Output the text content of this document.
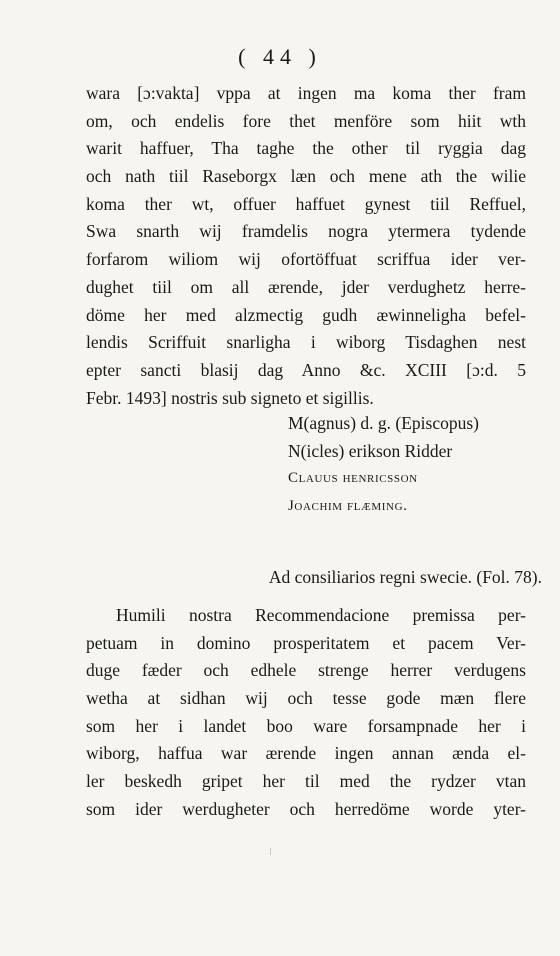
( 44 )
wara [ɔ:vakta] vppa at ingen ma koma ther fram
om, och endelis fore thet menföre som hiit wth
warit haffuer, Tha taghe the other til ryggia dag
och nath tiil Raseborgx læn och mene ath the wilie
koma ther wt, offuer haffuet gynest tiil Reffuel,
Swa snarth wij framdelis nogra ytermera tydende
forfarom wiliom wij ofortöffuat scriffua ider ver-
dughet tiil om all ærende, jder verdughetz herre-
döme her med alzmectig gudh æwinneligha befel-
lendis Scriffuit snarligha i wiborg Tisdaghen nest
epter sancti blasij dag Anno &c. XCIII [ɔ:d. 5
Febr. 1493] nostris sub signeto et sigillis.
M(agnus) d. g. (Episcopus)
N(icles) erikson Ridder
Clauus henricsson
Joachim flæming.
Ad consiliarios regni swecie. (Fol. 78).
Humili nostra Recommendacione premissa per-
petuam in domino prosperitatem et pacem Ver-
duge fæder och edhele strenge herrer verdugens
wetha at sidhan wij och tesse gode mæn flere
som her i landet boo ware forsampnade her i
wiborg, haffua war ærende ingen annan ænda el-
ler beskedh gripet her til med the rydzer vtan
som ider werdugheter och herredöme worde yter-
